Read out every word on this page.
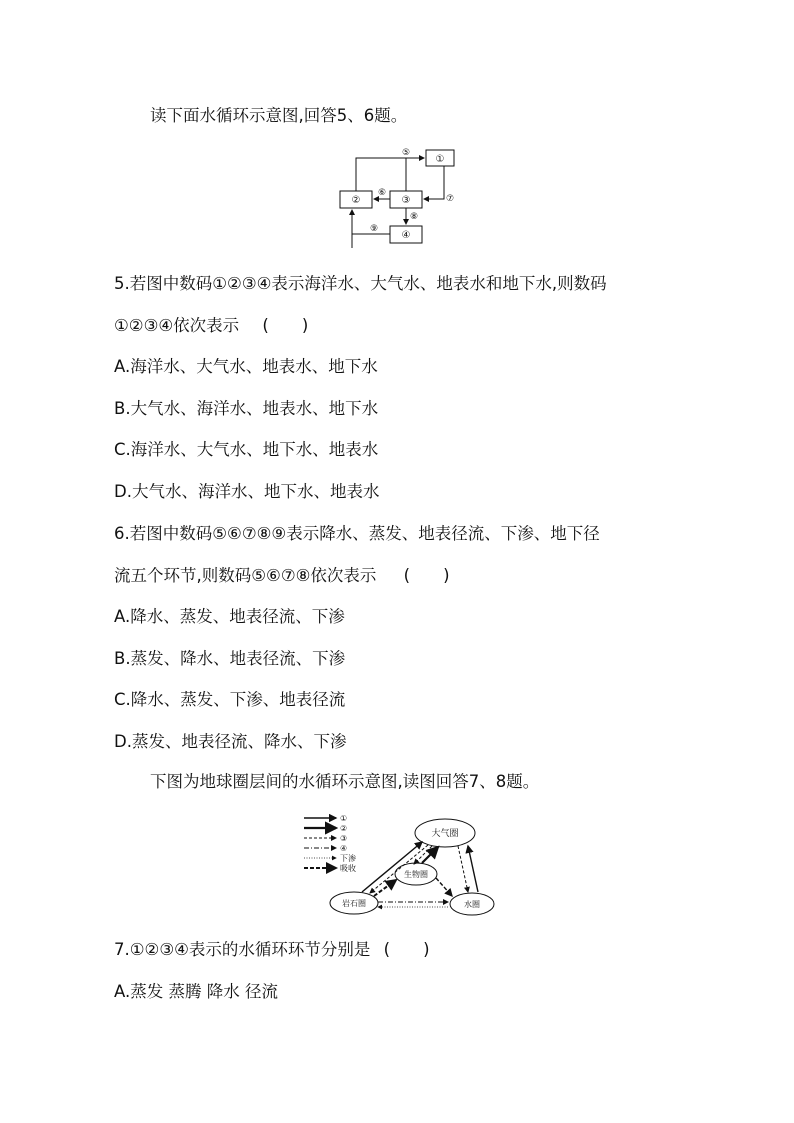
读下面水循环示意图,回答5、6题。
①
②	③
④
⑤
⑥
⑦
⑧
⑨
5.若图中数码①②③④表示海洋水、大气水、地表水和地下水,则数码
①②③④依次表示 (　　)
A.海洋水、大气水、地表水、地下水
B.大气水、海洋水、地表水、地下水
C.海洋水、大气水、地下水、地表水
D.大气水、海洋水、地下水、地表水
6.若图中数码⑤⑥⑦⑧⑨表示降水、蒸发、地表径流、下渗、地下径
流五个环节,则数码⑤⑥⑦⑧依次表示 (　　)
A.降水、蒸发、地表径流、下渗
B.蒸发、降水、地表径流、下渗
C.降水、蒸发、下渗、地表径流
D.蒸发、地表径流、降水、下渗
下图为地球圈层间的水循环示意图,读图回答7、8题。
①
②
③
④
下渗
吸收
大气圈
生物圈
岩石圈	水圈
7.①②③④表示的水循环环节分别是 (　　)
A.蒸发 蒸腾 降水 径流
